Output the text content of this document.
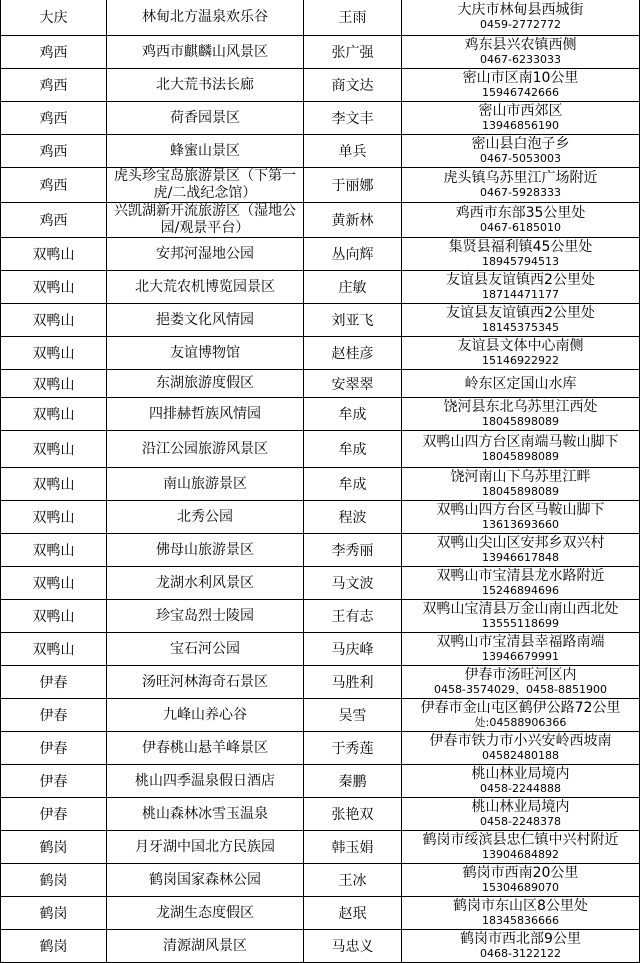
大庆	林甸北方温泉欢乐谷	王雨	大庆市林甸县西城街
0459-2772772

鸡西	鸡西市麒麟山风景区	张广强	鸡东县兴农镇西侧
0467-6233033

鸡西	北大荒书法长廊	商文达	密山市区南10公里
15946742666

鸡西	荷香园景区	李文丰	密山市西郊区
13946856190

鸡西	蜂蜜山景区	单兵	密山县白泡子乡
0467-5053003

鸡西	虎头珍宝岛旅游景区（下第一虎/二战纪念馆）	于丽娜	虎头镇乌苏里江广场附近
0467-5928333

鸡西	兴凯湖新开流旅游区（湿地公园/观景平台）	黄新林	鸡西市东部35公里处
0467-6185010

双鸭山	安邦河湿地公园	丛向辉	集贤县福利镇45公里处
18945794513

双鸭山	北大荒农机博览园景区	庄敏	友谊县友谊镇西2公里处
18714471177

双鸭山	挹娄文化风情园	刘亚飞	友谊县友谊镇西2公里处
18145375345

双鸭山	友谊博物馆	赵桂彦	友谊县文体中心南侧
15146922922

双鸭山	东湖旅游度假区	安翠翠	岭东区定国山水库

双鸭山	四排赫哲族风情园	牟成	饶河县东北乌苏里江西处
18045898089

双鸭山	沿江公园旅游风景区	牟成	双鸭山四方台区南端马鞍山脚下
18045898089

双鸭山	南山旅游景区	牟成	饶河南山下乌苏里江畔
18045898089

双鸭山	北秀公园	程波	双鸭山四方台区马鞍山脚下
13613693660

双鸭山	佛母山旅游景区	李秀丽	双鸭山尖山区安邦乡双兴村
13946617848

双鸭山	龙湖水利风景区	马文波	双鸭山市宝清县龙水路附近
15246894696

双鸭山	珍宝岛烈士陵园	王有志	双鸭山宝清县万金山南山西北处
13555118699

双鸭山	宝石河公园	马庆峰	双鸭山市宝清县幸福路南端
13946679991

伊春	汤旺河林海奇石景区	马胜利	伊春市汤旺河区内
0458-3574029、0458-8851900

伊春	九峰山养心谷	吴雪	伊春市金山屯区鹤伊公路72公里
处:04588906366

伊春	伊春桃山悬羊峰景区	于秀莲	伊春市铁力市小兴安岭西坡南
04582480188

伊春	桃山四季温泉假日酒店	秦鹏	桃山林业局境内
0458-2244888

伊春	桃山森林冰雪玉温泉	张艳双	桃山林业局境内
0458-2248378

鹤岗	月牙湖中国北方民族园	韩玉娟	鹤岗市绥滨县忠仁镇中兴村附近
13904684892

鹤岗	鹤岗国家森林公园	王冰	鹤岗市西南20公里
15304689070

鹤岗	龙湖生态度假区	赵珉	鹤岗市东山区8公里处
18345836666

鹤岗	清源湖风景区	马忠义	鹤岗市西北部9公里
0468-3122122
